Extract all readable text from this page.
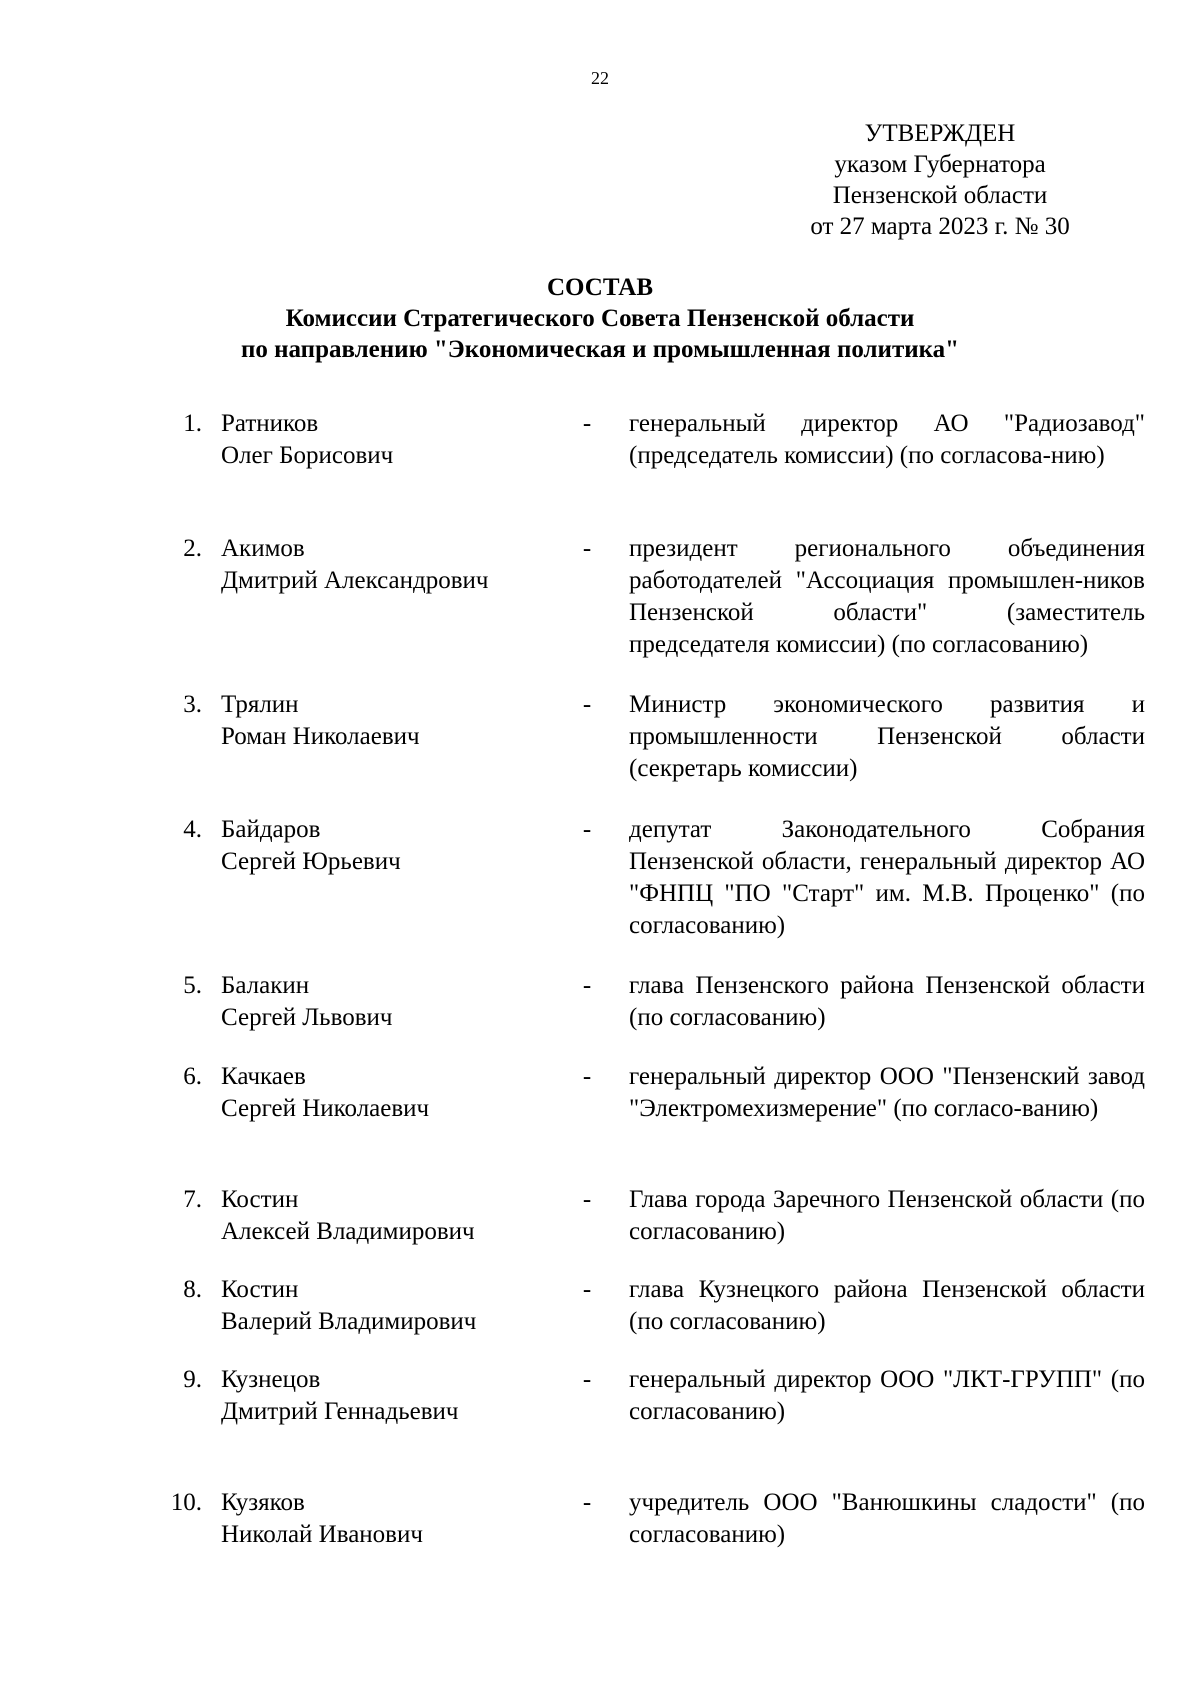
22
УТВЕРЖДЕН
указом Губернатора
Пензенской области
от 27 марта 2023 г. № 30
СОСТАВ
Комиссии Стратегического Совета Пензенской области
по направлению "Экономическая и промышленная политика"
1. Ратников
Олег Борисович
- генеральный директор АО "Радиозавод" (председатель комиссии) (по согласова-нию)
2. Акимов
Дмитрий Александрович
- президент регионального объединения работодателей "Ассоциация промышлен-ников Пензенской области" (заместитель председателя комиссии) (по согласованию)
3. Трялин
Роман Николаевич
- Министр экономического развития и промышленности Пензенской области (секретарь комиссии)
4. Байдаров
Сергей Юрьевич
- депутат Законодательного Собрания Пензенской области, генеральный директор АО "ФНПЦ "ПО "Старт" им. М.В. Проценко" (по согласованию)
5. Балакин
Сергей Львович
- глава Пензенского района Пензенской области (по согласованию)
6. Качкаев
Сергей Николаевич
- генеральный директор ООО "Пензенский завод "Электромехизмерение" (по согласо-ванию)
7. Костин
Алексей Владимирович
- Глава города Заречного Пензенской области (по согласованию)
8. Костин
Валерий Владимирович
- глава Кузнецкого района Пензенской области (по согласованию)
9. Кузнецов
Дмитрий Геннадьевич
- генеральный директор ООО "ЛКТ-ГРУПП" (по согласованию)
10. Кузяков
Николай Иванович
- учредитель ООО "Ванюшкины сладости" (по согласованию)
